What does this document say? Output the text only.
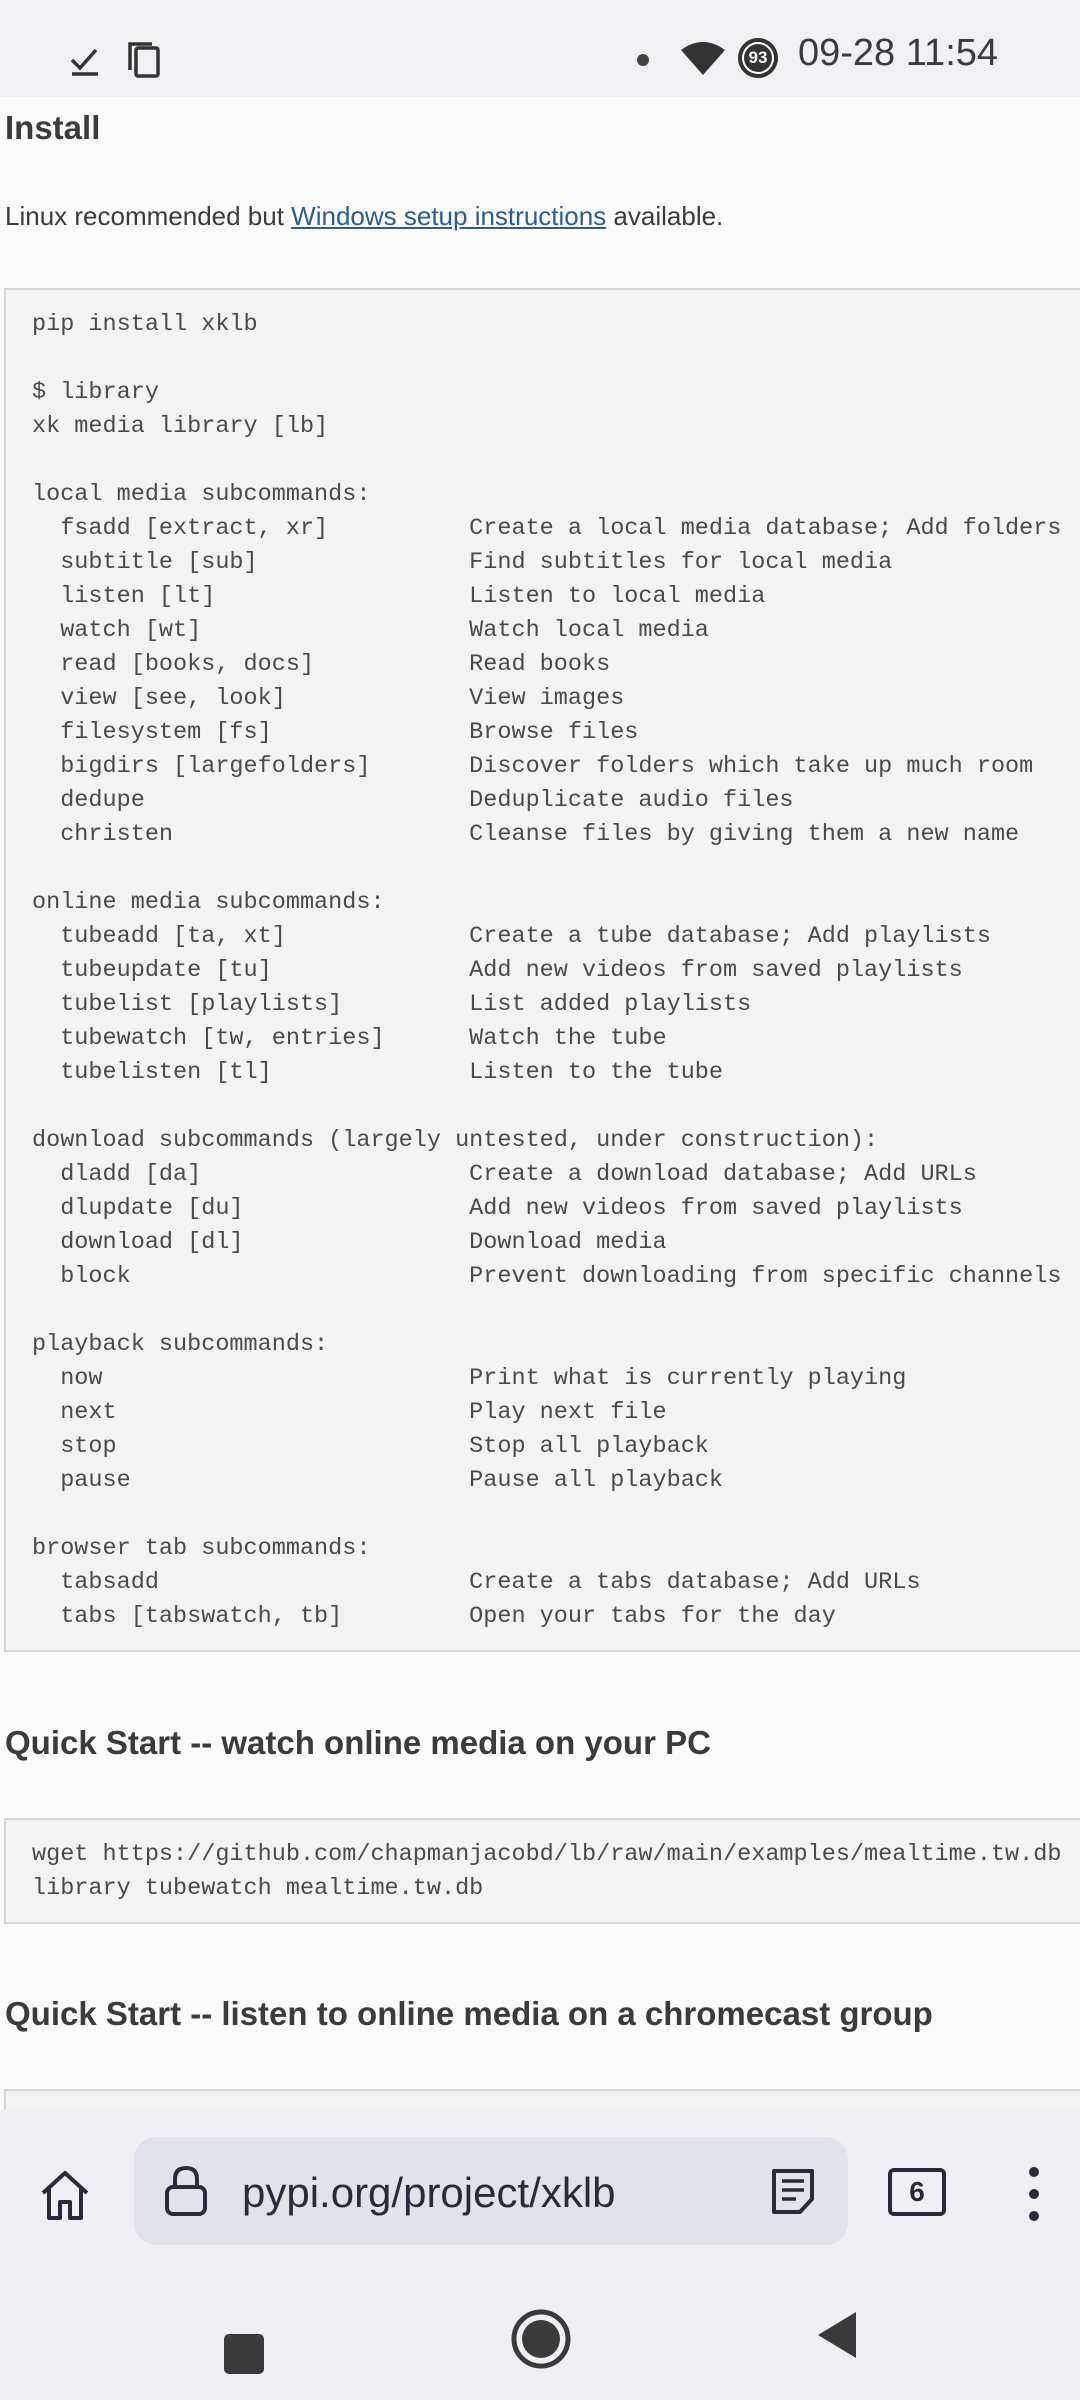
93 09-28 11:54
Install
Linux recommended but Windows setup instructions available.
pip install xklb

$ library
xk media library [lb]

local media subcommands:
fsadd [extract, xr]          Create a local media database; Add folders
subtitle [sub]               Find subtitles for local media
listen [lt]                  Listen to local media
watch [wt]                   Watch local media
read [books, docs]           Read books
view [see, look]             View images
filesystem [fs]              Browse files
bigdirs [largefolders]       Discover folders which take up much room
dedupe                       Deduplicate audio files
christen                     Cleanse files by giving them a new name

online media subcommands:
tubeadd [ta, xt]             Create a tube database; Add playlists
tubeupdate [tu]              Add new videos from saved playlists
tubelist [playlists]         List added playlists
tubewatch [tw, entries]      Watch the tube
tubelisten [tl]              Listen to the tube

download subcommands (largely untested, under construction):
dladd [da]                   Create a download database; Add URLs
dlupdate [du]                Add new videos from saved playlists
download [dl]                Download media
block                        Prevent downloading from specific channels

playback subcommands:
now                          Print what is currently playing
next                         Play next file
stop                         Stop all playback
pause                        Pause all playback

browser tab subcommands:
tabsadd                      Create a tabs database; Add URLs
tabs [tabswatch, tb]         Open your tabs for the day
Quick Start -- watch online media on your PC
wget https://github.com/chapmanjacobd/lb/raw/main/examples/mealtime.tw.db
library tubewatch mealtime.tw.db
Quick Start -- listen to online media on a chromecast group
pypi.org/project/xklb	6
